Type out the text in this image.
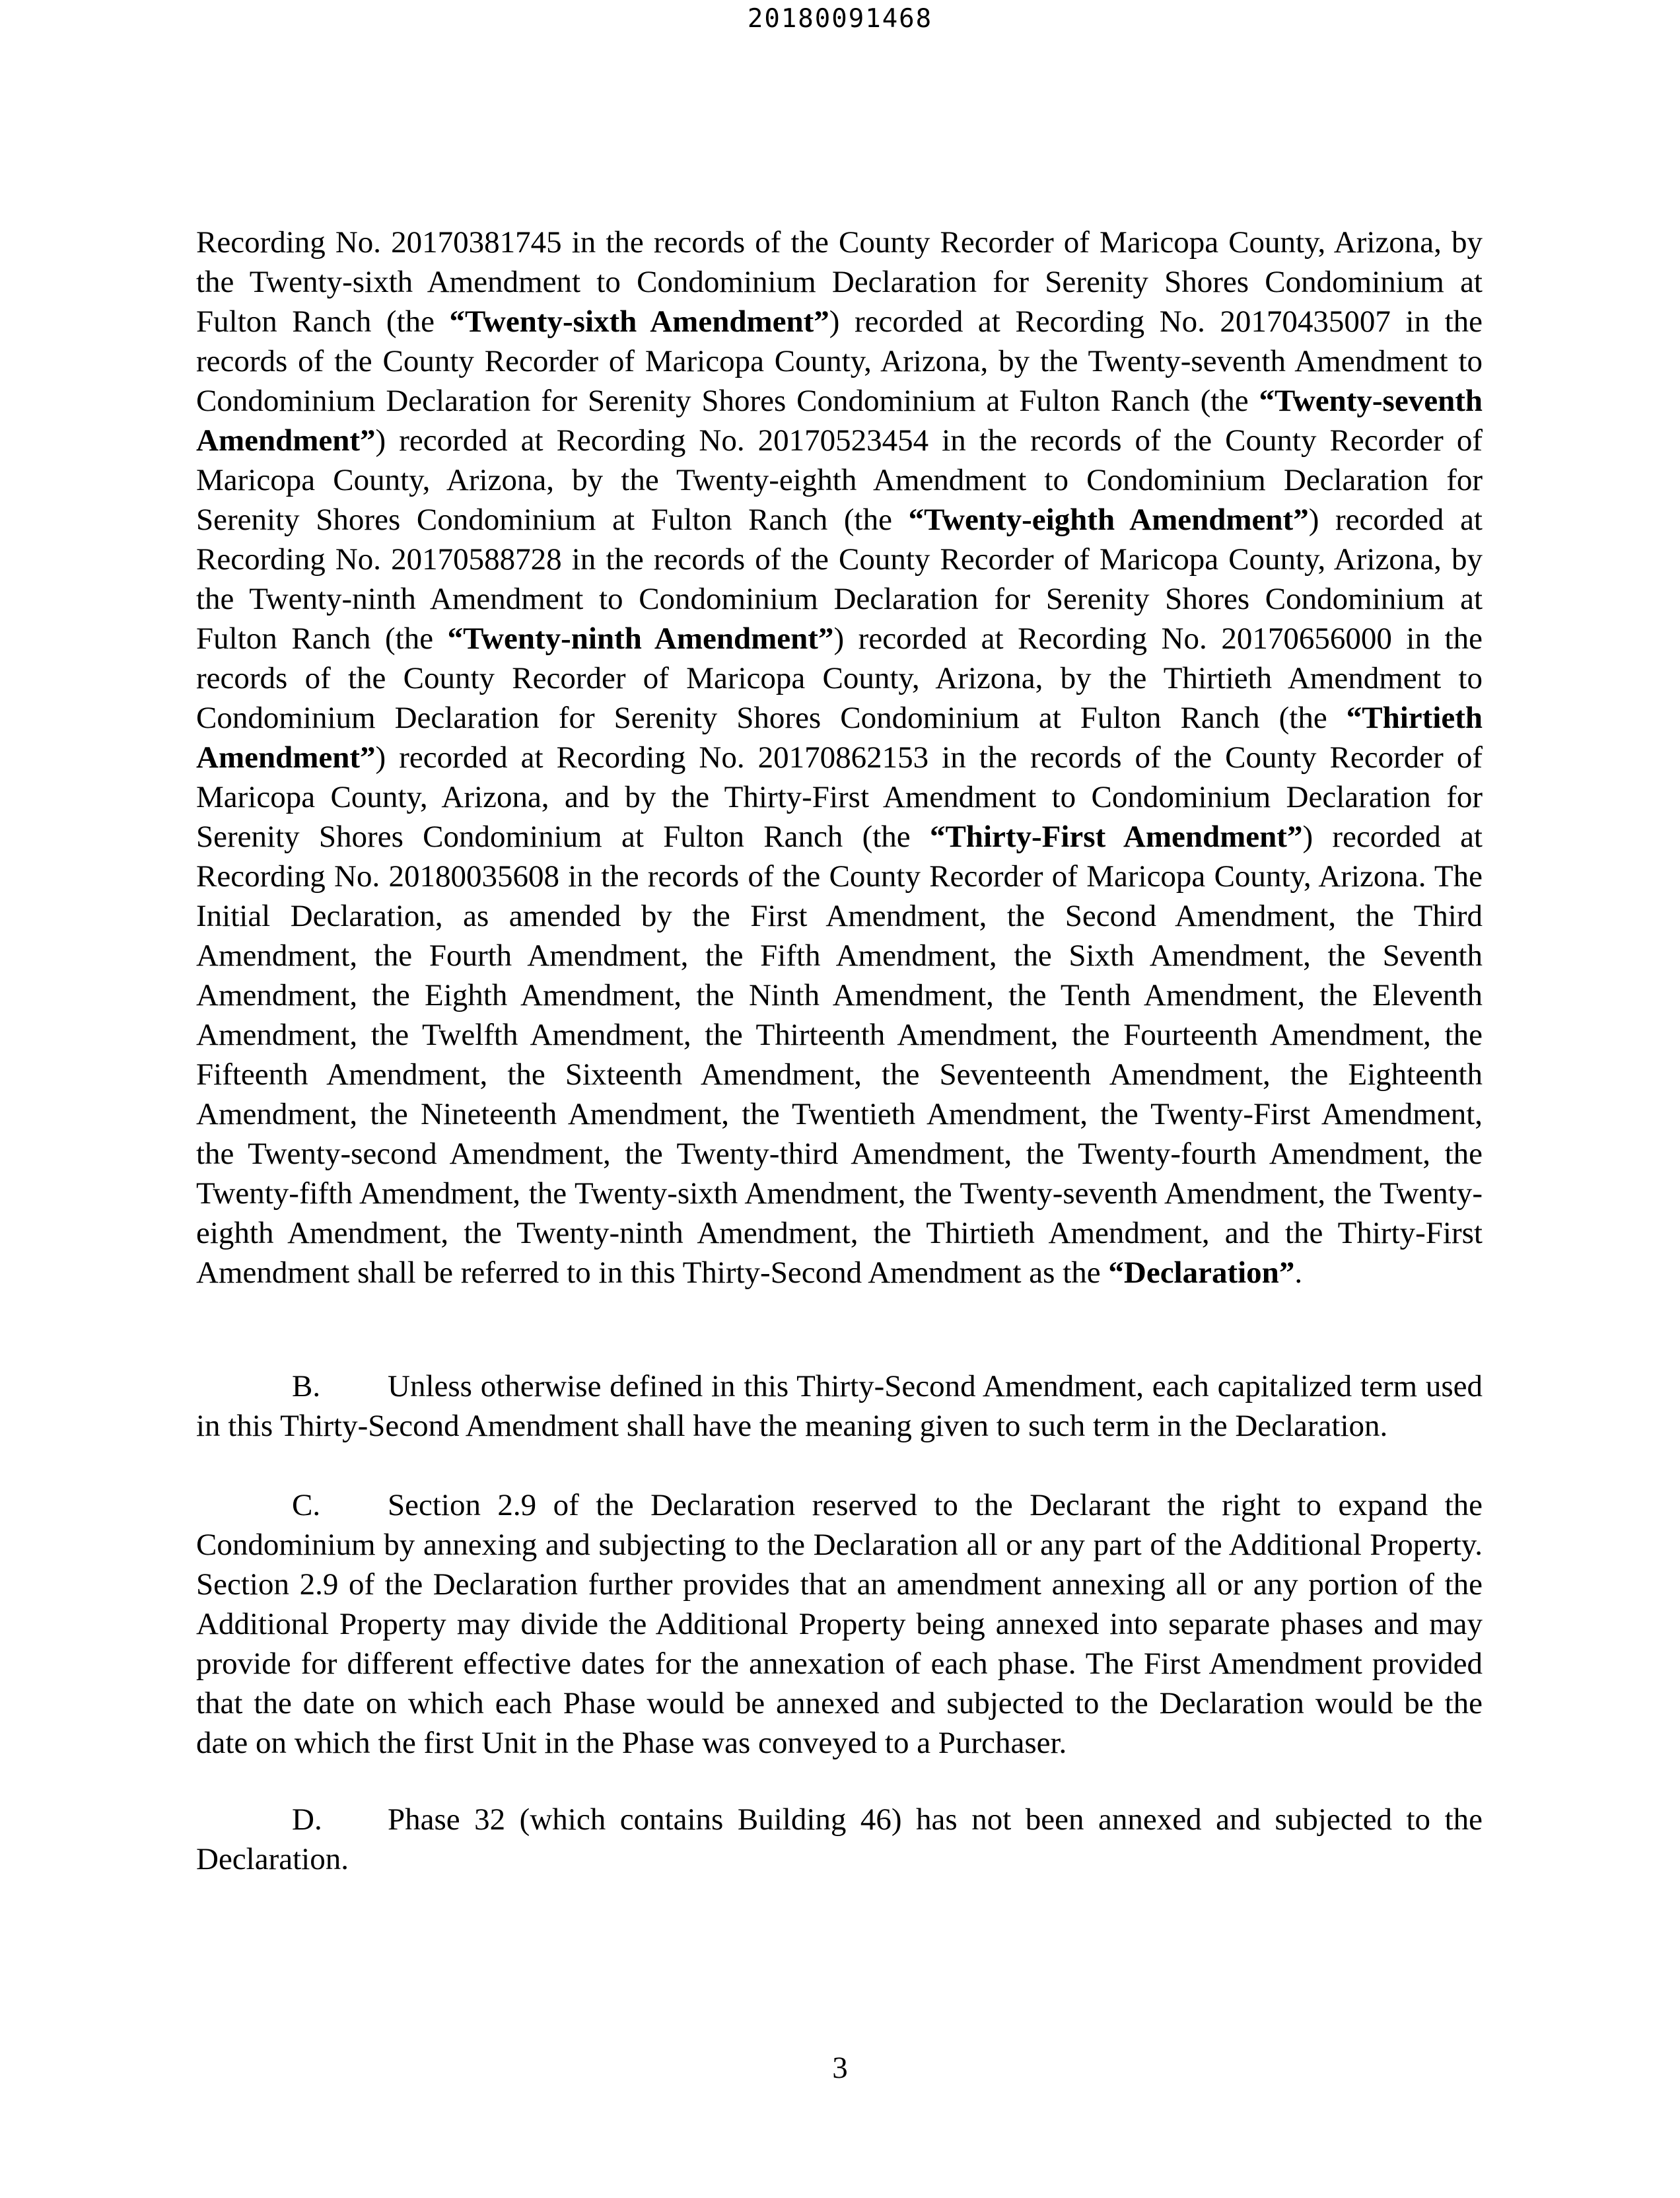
20180091468
Recording No. 20170381745 in the records of the County Recorder of Maricopa County, Arizona, by the Twenty-sixth Amendment to Condominium Declaration for Serenity Shores Condominium at Fulton Ranch (the “Twenty-sixth Amendment”) recorded at Recording No. 20170435007 in the records of the County Recorder of Maricopa County, Arizona, by the Twenty-seventh Amendment to Condominium Declaration for Serenity Shores Condominium at Fulton Ranch (the “Twenty-seventh Amendment”) recorded at Recording No. 20170523454 in the records of the County Recorder of Maricopa County, Arizona, by the Twenty-eighth Amendment to Condominium Declaration for Serenity Shores Condominium at Fulton Ranch (the “Twenty-eighth Amendment”) recorded at Recording No. 20170588728 in the records of the County Recorder of Maricopa County, Arizona, by the Twenty-ninth Amendment to Condominium Declaration for Serenity Shores Condominium at Fulton Ranch (the “Twenty-ninth Amendment”) recorded at Recording No. 20170656000 in the records of the County Recorder of Maricopa County, Arizona, by the Thirtieth Amendment to Condominium Declaration for Serenity Shores Condominium at Fulton Ranch (the “Thirtieth Amendment”) recorded at Recording No. 20170862153 in the records of the County Recorder of Maricopa County, Arizona, and by the Thirty-First Amendment to Condominium Declaration for Serenity Shores Condominium at Fulton Ranch (the “Thirty-First Amendment”) recorded at Recording No. 20180035608 in the records of the County Recorder of Maricopa County, Arizona. The Initial Declaration, as amended by the First Amendment, the Second Amendment, the Third Amendment, the Fourth Amendment, the Fifth Amendment, the Sixth Amendment, the Seventh Amendment, the Eighth Amendment, the Ninth Amendment, the Tenth Amendment, the Eleventh Amendment, the Twelfth Amendment, the Thirteenth Amendment, the Fourteenth Amendment, the Fifteenth Amendment, the Sixteenth Amendment, the Seventeenth Amendment, the Eighteenth Amendment, the Nineteenth Amendment, the Twentieth Amendment, the Twenty-First Amendment, the Twenty-second Amendment, the Twenty-third Amendment, the Twenty-fourth Amendment, the Twenty-fifth Amendment, the Twenty-sixth Amendment, the Twenty-seventh Amendment, the Twenty-eighth Amendment, the Twenty-ninth Amendment, the Thirtieth Amendment, and the Thirty-First Amendment shall be referred to in this Thirty-Second Amendment as the “Declaration”.
B. Unless otherwise defined in this Thirty-Second Amendment, each capitalized term used in this Thirty-Second Amendment shall have the meaning given to such term in the Declaration.
C. Section 2.9 of the Declaration reserved to the Declarant the right to expand the Condominium by annexing and subjecting to the Declaration all or any part of the Additional Property. Section 2.9 of the Declaration further provides that an amendment annexing all or any portion of the Additional Property may divide the Additional Property being annexed into separate phases and may provide for different effective dates for the annexation of each phase. The First Amendment provided that the date on which each Phase would be annexed and subjected to the Declaration would be the date on which the first Unit in the Phase was conveyed to a Purchaser.
D. Phase 32 (which contains Building 46) has not been annexed and subjected to the Declaration.
3
